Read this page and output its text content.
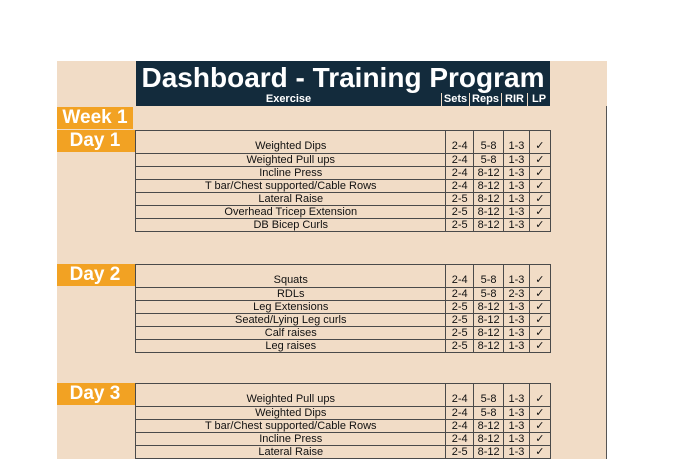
Dashboard - Training Program
Exercise	Sets Reps RIR LP
Week 1
Day 1	Weighted Dips	2-4	5-8	1-3	✓
Weighted Pull ups	2-4	5-8	1-3	✓
Incline Press	2-4	8-12	1-3	✓
T bar/Chest supported/Cable Rows	2-4	8-12	1-3	✓
Lateral Raise	2-5	8-12	1-3	✓
Overhead Tricep Extension	2-5	8-12	1-3	✓
DB Bicep Curls	2-5	8-12	1-3	✓
Day 2	Squats	2-4	5-8	1-3	✓
RDLs	2-4	5-8	2-3	✓
Leg Extensions	2-5	8-12	1-3	✓
Seated/Lying Leg curls	2-5	8-12	1-3	✓
Calf raises	2-5	8-12	1-3	✓
Leg raises	2-5	8-12	1-3	✓
Day 3	Weighted Pull ups	2-4	5-8	1-3	✓
Weighted Dips	2-4	5-8	1-3	✓
T bar/Chest supported/Cable Rows	2-4	8-12	1-3	✓
Incline Press	2-4	8-12	1-3	✓
Lateral Raise	2-5	8-12	1-3	✓
